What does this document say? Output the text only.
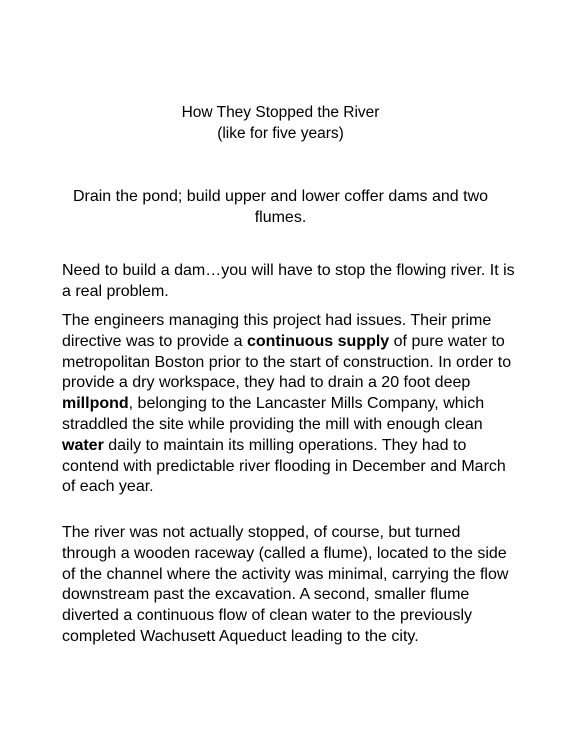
How They Stopped the River
(like for five years)
Drain the pond; build upper and lower coffer dams and two
flumes.

Need to build a dam…you will have to stop the flowing river. It is a real problem.

The engineers managing this project had issues. Their prime directive was to provide a continuous supply of pure water to metropolitan Boston prior to the start of construction. In order to provide a dry workspace, they had to drain a 20 foot deep millpond, belonging to the Lancaster Mills Company, which straddled the site while providing the mill with enough clean water daily to maintain its milling operations. They had to contend with predictable river flooding in December and March of each year.

The river was not actually stopped, of course, but turned through a wooden raceway (called a flume), located to the side of the channel where the activity was minimal, carrying the flow downstream past the excavation. A second, smaller flume diverted a continuous flow of clean water to the previously completed Wachusett Aqueduct leading to the city.
